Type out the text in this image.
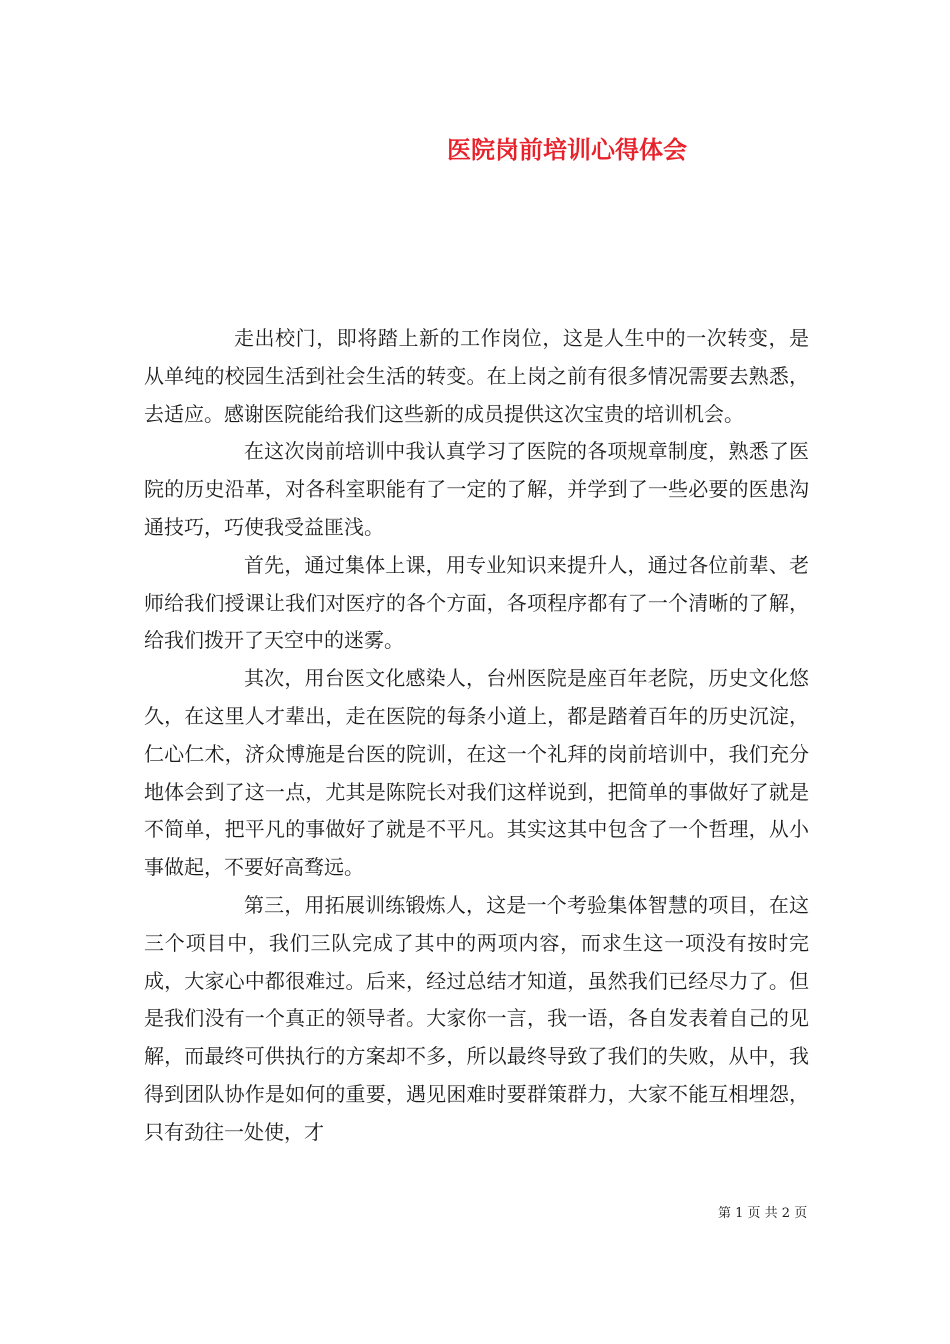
医院岗前培训心得体会

走出校门，即将踏上新的工作岗位，这是人生中的一次转变，是从单纯的校园生活到社会生活的转变。在上岗之前有很多情况需要去熟悉，去适应。感谢医院能给我们这些新的成员提供这次宝贵的培训机会。

在这次岗前培训中我认真学习了医院的各项规章制度，熟悉了医院的历史沿革，对各科室职能有了一定的了解，并学到了一些必要的医患沟通技巧，巧使我受益匪浅。

首先，通过集体上课，用专业知识来提升人，通过各位前辈、老师给我们授课让我们对医疗的各个方面，各项程序都有了一个清晰的了解，给我们拨开了天空中的迷雾。

其次，用台医文化感染人，台州医院是座百年老院，历史文化悠久，在这里人才辈出，走在医院的每条小道上，都是踏着百年的历史沉淀，仁心仁术，济众博施是台医的院训，在这一个礼拜的岗前培训中，我们充分地体会到了这一点，尤其是陈院长对我们这样说到，把简单的事做好了就是不简单，把平凡的事做好了就是不平凡。其实这其中包含了一个哲理，从小事做起，不要好高骛远。

第三，用拓展训练锻炼人，这是一个考验集体智慧的项目，在这三个项目中，我们三队完成了其中的两项内容，而求生这一项没有按时完成，大家心中都很难过。后来，经过总结才知道，虽然我们已经尽力了。但是我们没有一个真正的领导者。大家你一言，我一语，各自发表着自己的见解，而最终可供执行的方案却不多，所以最终导致了我们的失败，从中，我得到团队协作是如何的重要，遇见困难时要群策群力，大家不能互相埋怨，只有劲往一处使，才

第 1 页 共 2 页
